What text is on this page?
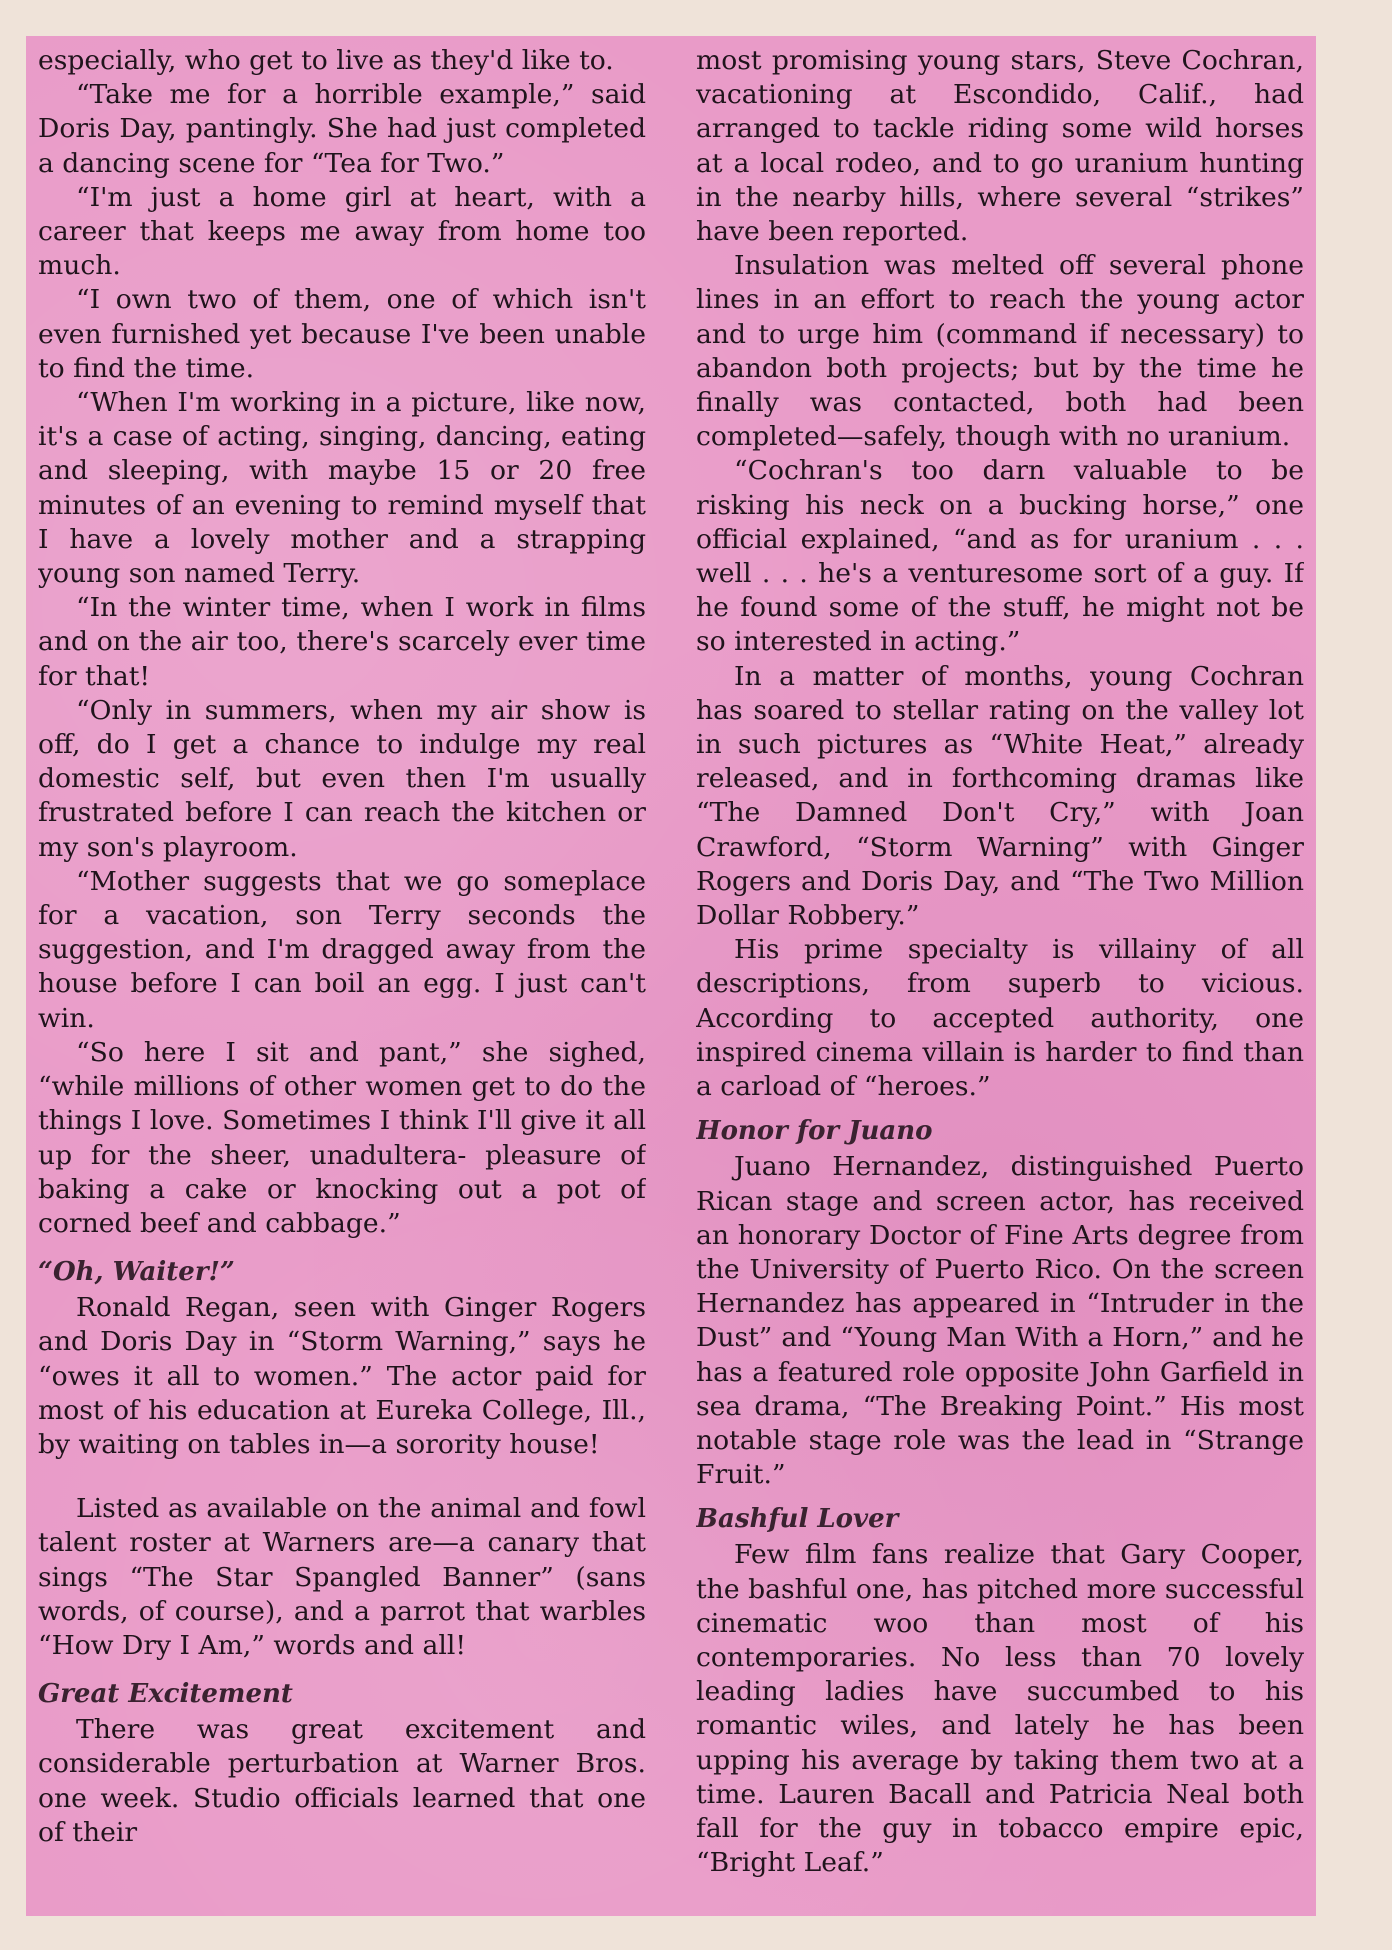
especially, who get to live as they'd like to.

“Take me for a horrible example,” said Doris Day, pantingly. She had just completed a dancing scene for “Tea for Two.”

“I'm just a home girl at heart, with a career that keeps me away from home too much.

“I own two of them, one of which isn't even furnished yet because I've been unable to find the time.

“When I'm working in a picture, like now, it's a case of acting, singing, dancing, eating and sleeping, with maybe 15 or 20 free minutes of an evening to remind myself that I have a lovely mother and a strapping young son named Terry.

“In the winter time, when I work in films and on the air too, there's scarcely ever time for that!

“Only in summers, when my air show is off, do I get a chance to indulge my real domestic self, but even then I'm usually frustrated before I can reach the kitchen or my son's playroom.

“Mother suggests that we go someplace for a vacation, son Terry seconds the suggestion, and I'm dragged away from the house before I can boil an egg. I just can't win.

“So here I sit and pant,” she sighed, “while millions of other women get to do the things I love. Sometimes I think I'll give it all up for the sheer, unadultera- pleasure of baking a cake or knocking out a pot of corned beef and cabbage.”

“Oh, Waiter!”

Ronald Regan, seen with Ginger Rogers and Doris Day in “Storm Warning,” says he “owes it all to women.” The actor paid for most of his education at Eureka College, Ill., by waiting on tables in—a sorority house!

Listed as available on the animal and fowl talent roster at Warners are—a canary that sings “The Star Spangled Banner” (sans words, of course), and a parrot that warbles “How Dry I Am,” words and all!

Great Excitement

There was great excitement and considerable perturbation at Warner Bros. one week. Studio officials learned that one of their

most promising young stars, Steve Cochran, vacationing at Escondido, Calif., had arranged to tackle riding some wild horses at a local rodeo, and to go uranium hunting in the nearby hills, where several “strikes” have been reported.

Insulation was melted off several phone lines in an effort to reach the young actor and to urge him (command if necessary) to abandon both projects; but by the time he finally was contacted, both had been completed—safely, though with no uranium.

“Cochran's too darn valuable to be risking his neck on a bucking horse,” one official explained, “and as for uranium . . . well . . . he's a venturesome sort of a guy. If he found some of the stuff, he might not be so interested in acting.”

In a matter of months, young Cochran has soared to stellar rating on the valley lot in such pictures as “White Heat,” already released, and in forthcoming dramas like “The Damned Don't Cry,” with Joan Crawford, “Storm Warning” with Ginger Rogers and Doris Day, and “The Two Million Dollar Robbery.”

His prime specialty is villainy of all descriptions, from superb to vicious. According to accepted authority, one inspired cinema villain is harder to find than a carload of “heroes.”

Honor for Juano

Juano Hernandez, distinguished Puerto Rican stage and screen actor, has received an honorary Doctor of Fine Arts degree from the University of Puerto Rico. On the screen Hernandez has appeared in “Intruder in the Dust” and “Young Man With a Horn,” and he has a featured role opposite John Garfield in sea drama, “The Breaking Point.” His most notable stage role was the lead in “Strange Fruit.”

Bashful Lover

Few film fans realize that Gary Cooper, the bashful one, has pitched more successful cinematic woo than most of his contemporaries. No less than 70 lovely leading ladies have succumbed to his romantic wiles, and lately he has been upping his average by taking them two at a time. Lauren Bacall and Patricia Neal both fall for the guy in tobacco empire epic, “Bright Leaf.”
